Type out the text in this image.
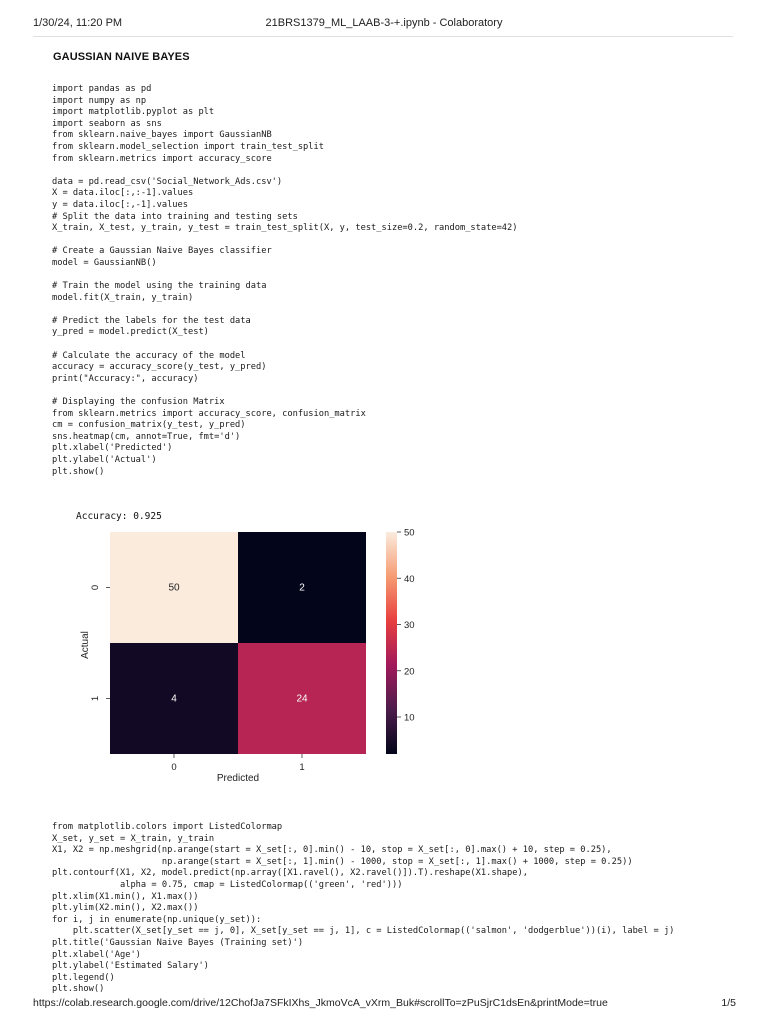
1/30/24, 11:20 PM	21BRS1379_ML_LAAB-3-+.ipynb - Colaboratory
GAUSSIAN NAIVE BAYES
import pandas as pd
import numpy as np
import matplotlib.pyplot as plt
import seaborn as sns
from sklearn.naive_bayes import GaussianNB
from sklearn.model_selection import train_test_split
from sklearn.metrics import accuracy_score

data = pd.read_csv('Social_Network_Ads.csv')
X = data.iloc[:,:-1].values
y = data.iloc[:,-1].values
# Split the data into training and testing sets
X_train, X_test, y_train, y_test = train_test_split(X, y, test_size=0.2, random_state=42)

# Create a Gaussian Naive Bayes classifier
model = GaussianNB()

# Train the model using the training data
model.fit(X_train, y_train)

# Predict the labels for the test data
y_pred = model.predict(X_test)

# Calculate the accuracy of the model
accuracy = accuracy_score(y_test, y_pred)
print("Accuracy:", accuracy)

# Displaying the confusion Matrix
from sklearn.metrics import accuracy_score, confusion_matrix
cm = confusion_matrix(y_test, y_pred)
sns.heatmap(cm, annot=True, fmt='d')
plt.xlabel('Predicted')
plt.ylabel('Actual')
plt.show()
Accuracy: 0.925
50	2
4	24
0	1
0
1
Predicted
Actual
10
20
30
40
50
from matplotlib.colors import ListedColormap
X_set, y_set = X_train, y_train
X1, X2 = np.meshgrid(np.arange(start = X_set[:, 0].min() - 10, stop = X_set[:, 0].max() + 10, step = 0.25),
np.arange(start = X_set[:, 1].min() - 1000, stop = X_set[:, 1].max() + 1000, step = 0.25))
plt.contourf(X1, X2, model.predict(np.array([X1.ravel(), X2.ravel()]).T).reshape(X1.shape),
alpha = 0.75, cmap = ListedColormap(('green', 'red')))
plt.xlim(X1.min(), X1.max())
plt.ylim(X2.min(), X2.max())
for i, j in enumerate(np.unique(y_set)):
plt.scatter(X_set[y_set == j, 0], X_set[y_set == j, 1], c = ListedColormap(('salmon', 'dodgerblue'))(i), label = j)
plt.title('Gaussian Naive Bayes (Training set)')
plt.xlabel('Age')
plt.ylabel('Estimated Salary')
plt.legend()
plt.show()
https://colab.research.google.com/drive/12ChofJa7SFkIXhs_JkmoVcA_vXrm_Buk#scrollTo=zPuSjrC1dsEn&printMode=true	1/5
